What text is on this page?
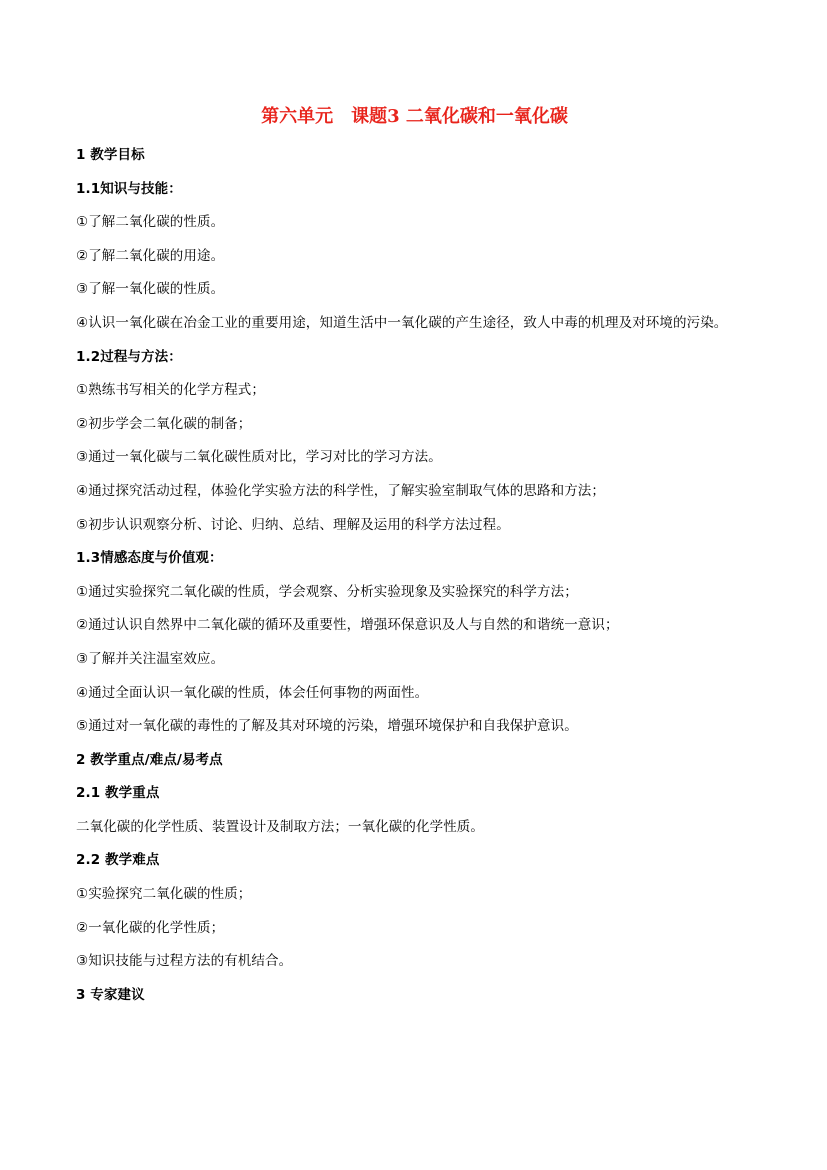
第六单元　课题3 二氧化碳和一氧化碳
1 教学目标
1.1知识与技能：
①了解二氧化碳的性质。
②了解二氧化碳的用途。
③了解一氧化碳的性质。
④认识一氧化碳在冶金工业的重要用途，知道生活中一氧化碳的产生途径，致人中毒的机理及对环境的污染。
1.2过程与方法：
①熟练书写相关的化学方程式；
②初步学会二氧化碳的制备；
③通过一氧化碳与二氧化碳性质对比，学习对比的学习方法。
④通过探究活动过程，体验化学实验方法的科学性，了解实验室制取气体的思路和方法；
⑤初步认识观察分析、讨论、归纳、总结、理解及运用的科学方法过程。
1.3情感态度与价值观：
①通过实验探究二氧化碳的性质，学会观察、分析实验现象及实验探究的科学方法；
②通过认识自然界中二氧化碳的循环及重要性，增强环保意识及人与自然的和谐统一意识；
③了解并关注温室效应。
④通过全面认识一氧化碳的性质，体会任何事物的两面性。
⑤通过对一氧化碳的毒性的了解及其对环境的污染，增强环境保护和自我保护意识。
2 教学重点/难点/易考点
2.1 教学重点
二氧化碳的化学性质、装置设计及制取方法；一氧化碳的化学性质。
2.2 教学难点
①实验探究二氧化碳的性质；
②一氧化碳的化学性质；
③知识技能与过程方法的有机结合。
3 专家建议
